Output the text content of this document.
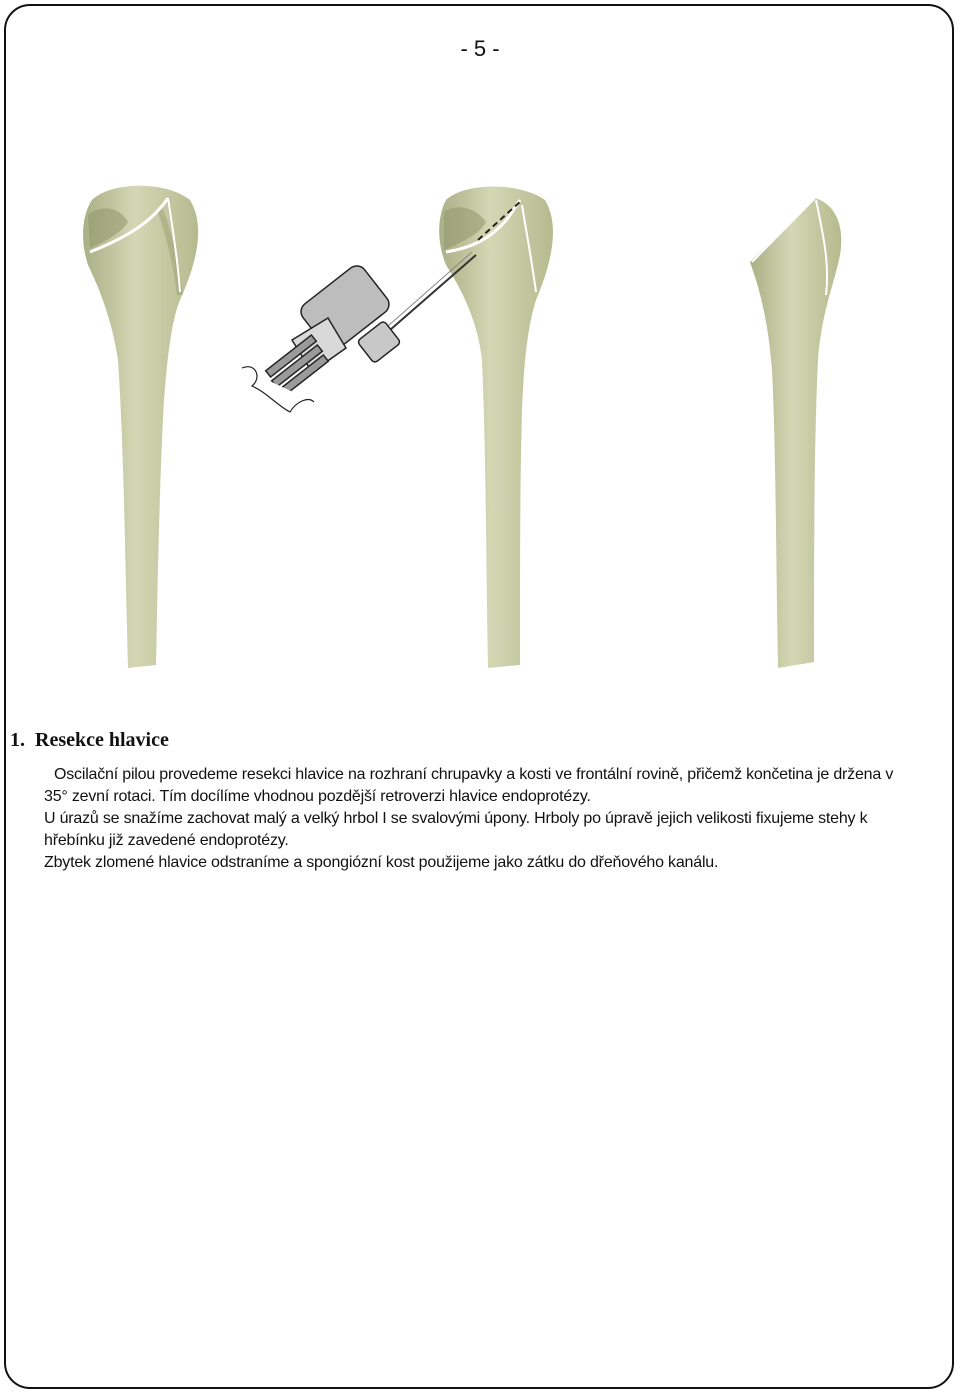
- 5 -
1. Resekce hlavice

Oscilační pilou provedeme resekci hlavice na rozhraní chrupavky a kosti ve frontální rovině, přičemž končetina je držena v 35° zevní rotaci. Tím docílíme vhodnou pozdější retroverzi hlavice endoprotézy.

U úrazů se snažíme zachovat malý a velký hrbol I se svalovými úpony. Hrboly po úpravě jejich velikosti fixujeme stehy k hřebínku již zavedené endoprotézy.

Zbytek zlomené hlavice odstraníme a spongiózní kost použijeme jako zátku do dřeňového kanálu.
